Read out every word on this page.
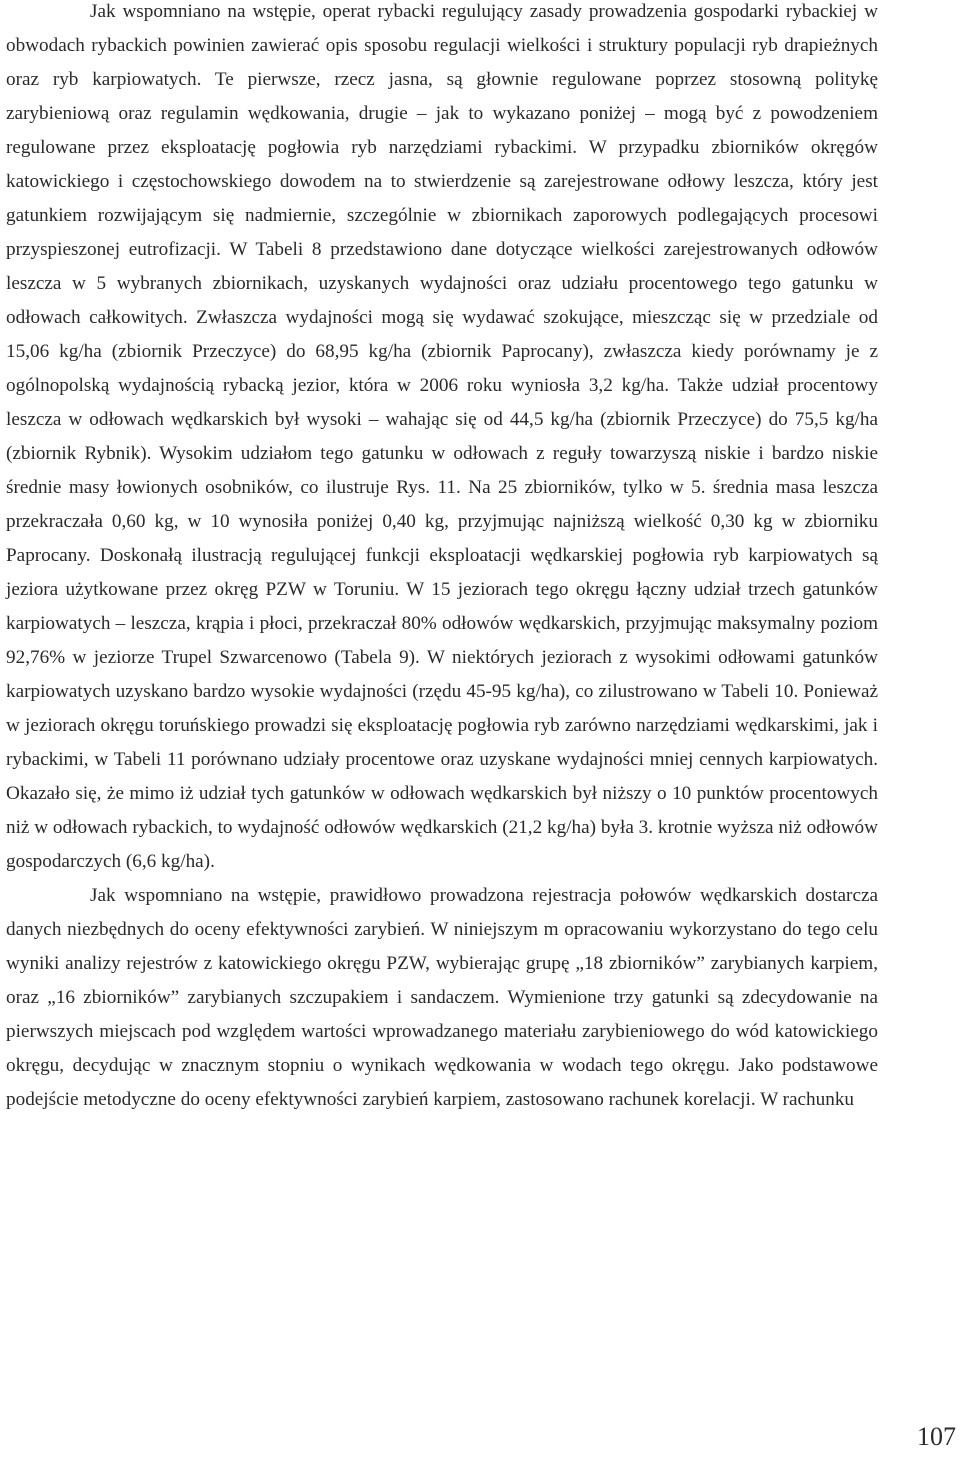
Jak wspomniano na wstępie, operat rybacki regulujący zasady prowadzenia gospodarki rybackiej w obwodach rybackich powinien zawierać opis sposobu regulacji wielkości i struktury populacji ryb drapieżnych oraz ryb karpiowatych. Te pierwsze, rzecz jasna, są głownie regulowane poprzez stosowną politykę zarybieniową oraz regulamin wędkowania, drugie – jak to wykazano poniżej – mogą być z powodzeniem regulowane przez eksploatację pogłowia ryb narzędziami rybackimi. W przypadku zbiorników okręgów katowickiego i częstochowskiego dowodem na to stwierdzenie są zarejestrowane odłowy leszcza, który jest gatunkiem rozwijającym się nadmiernie, szczególnie w zbiornikach zaporowych podlegających procesowi przyspieszonej eutrofizacji. W Tabeli 8 przedstawiono dane dotyczące wielkości zarejestrowanych odłowów leszcza w 5 wybranych zbiornikach, uzyskanych wydajności oraz udziału procentowego tego gatunku w odłowach całkowitych. Zwłaszcza wydajności mogą się wydawać szokujące, mieszcząc się w przedziale od 15,06 kg/ha (zbiornik Przeczyce) do 68,95 kg/ha (zbiornik Paprocany), zwłaszcza kiedy porównamy je z ogólnopolską wydajnością rybacką jezior, która w 2006 roku wyniosła 3,2 kg/ha. Także udział procentowy leszcza w odłowach wędkarskich był wysoki – wahając się od 44,5 kg/ha (zbiornik Przeczyce) do 75,5 kg/ha (zbiornik Rybnik). Wysokim udziałom tego gatunku w odłowach z reguły towarzyszą niskie i bardzo niskie średnie masy łowionych osobników, co ilustruje Rys. 11. Na 25 zbiorników, tylko w 5. średnia masa leszcza przekraczała 0,60 kg, w 10 wynosiła poniżej 0,40 kg, przyjmując najniższą wielkość 0,30 kg w zbiorniku Paprocany. Doskonałą ilustracją regulującej funkcji eksploatacji wędkarskiej pogłowia ryb karpiowatych są jeziora użytkowane przez okręg PZW w Toruniu. W 15 jeziorach tego okręgu łączny udział trzech gatunków karpiowatych – leszcza, krąpia i płoci, przekraczał 80% odłowów wędkarskich, przyjmując maksymalny poziom 92,76% w jeziorze Trupel Szwarcenowo (Tabela 9). W niektórych jeziorach z wysokimi odłowami gatunków karpiowatych uzyskano bardzo wysokie wydajności (rzędu 45-95 kg/ha), co zilustrowano w Tabeli 10. Ponieważ w jeziorach okręgu toruńskiego prowadzi się eksploatację pogłowia ryb zarówno narzędziami wędkarskimi, jak i rybackimi, w Tabeli 11 porównano udziały procentowe oraz uzyskane wydajności mniej cennych karpiowatych. Okazało się, że mimo iż udział tych gatunków w odłowach wędkarskich był niższy o 10 punktów procentowych niż w odłowach rybackich, to wydajność odłowów wędkarskich (21,2 kg/ha) była 3. krotnie wyższa niż odłowów gospodarczych (6,6 kg/ha).

Jak wspomniano na wstępie, prawidłowo prowadzona rejestracja połowów wędkarskich dostarcza danych niezbędnych do oceny efektywności zarybień. W niniejszym m opracowaniu wykorzystano do tego celu wyniki analizy rejestrów z katowickiego okręgu PZW, wybierając grupę „18 zbiorników” zarybianych karpiem, oraz „16 zbiorników” zarybianych szczupakiem i sandaczem. Wymienione trzy gatunki są zdecydowanie na pierwszych miejscach pod względem wartości wprowadzanego materiału zarybieniowego do wód katowickiego okręgu, decydując w znacznym stopniu o wynikach wędkowania w wodach tego okręgu. Jako podstawowe podejście metodyczne do oceny efektywności zarybień karpiem, zastosowano rachunek korelacji. W rachunku

107
